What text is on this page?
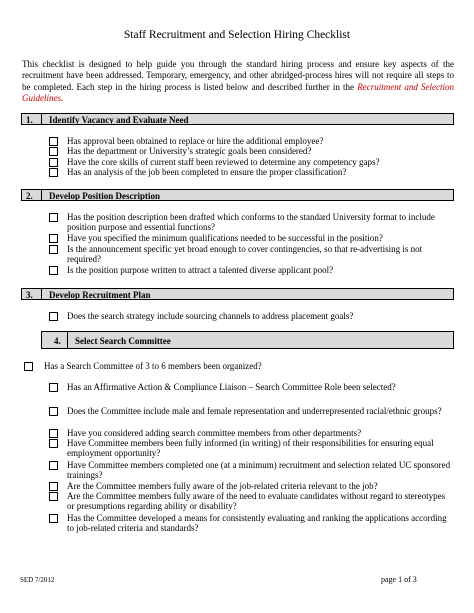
Staff Recruitment and Selection Hiring Checklist
This checklist is designed to help guide you through the standard hiring process and ensure key aspects of the recruitment have been addressed. Temporary, emergency, and other abridged-process hires will not require all steps to be completed. Each step in the hiring process is listed below and described further in the Recruitment and Selection Guidelines.
1. Identify Vacancy and Evaluate Need
Has approval been obtained to replace or hire the additional employee?
Has the department or University’s strategic goals been considered?
Have the core skills of current staff been reviewed to determine any competency gaps?
Has an analysis of the job been completed to ensure the proper classification?
2. Develop Position Description
Has the position description been drafted which conforms to the standard University format to include position purpose and essential functions?
Have you specified the minimum qualifications needed to be successful in the position?
Is the announcement specific yet broad enough to cover contingencies, so that re-advertising is not required?
Is the position purpose written to attract a talented diverse applicant pool?
3. Develop Recruitment Plan
Does the search strategy include sourcing channels to address placement goals?
4. Select Search Committee
Has a Search Committee of 3 to 6 members been organized?
Has an Affirmative Action & Compliance Liaison – Search Committee Role been selected?
Does the Committee include male and female representation and underrepresented racial/ethnic groups?
Have you considered adding search committee members from other departments?
Have Committee members been fully informed (in writing) of their responsibilities for ensuring equal employment opportunity?
Have Committee members completed one (at a minimum) recruitment and selection related UC sponsored trainings?
Are the Committee members fully aware of the job-related criteria relevant to the job?
Are the Committee members fully aware of the need to evaluate candidates without regard to stereotypes or presumptions regarding ability or disability?
Has the Committee developed a means for consistently evaluating and ranking the applications according to job-related criteria and standards?
SED 7/2012	page 1 of 3
